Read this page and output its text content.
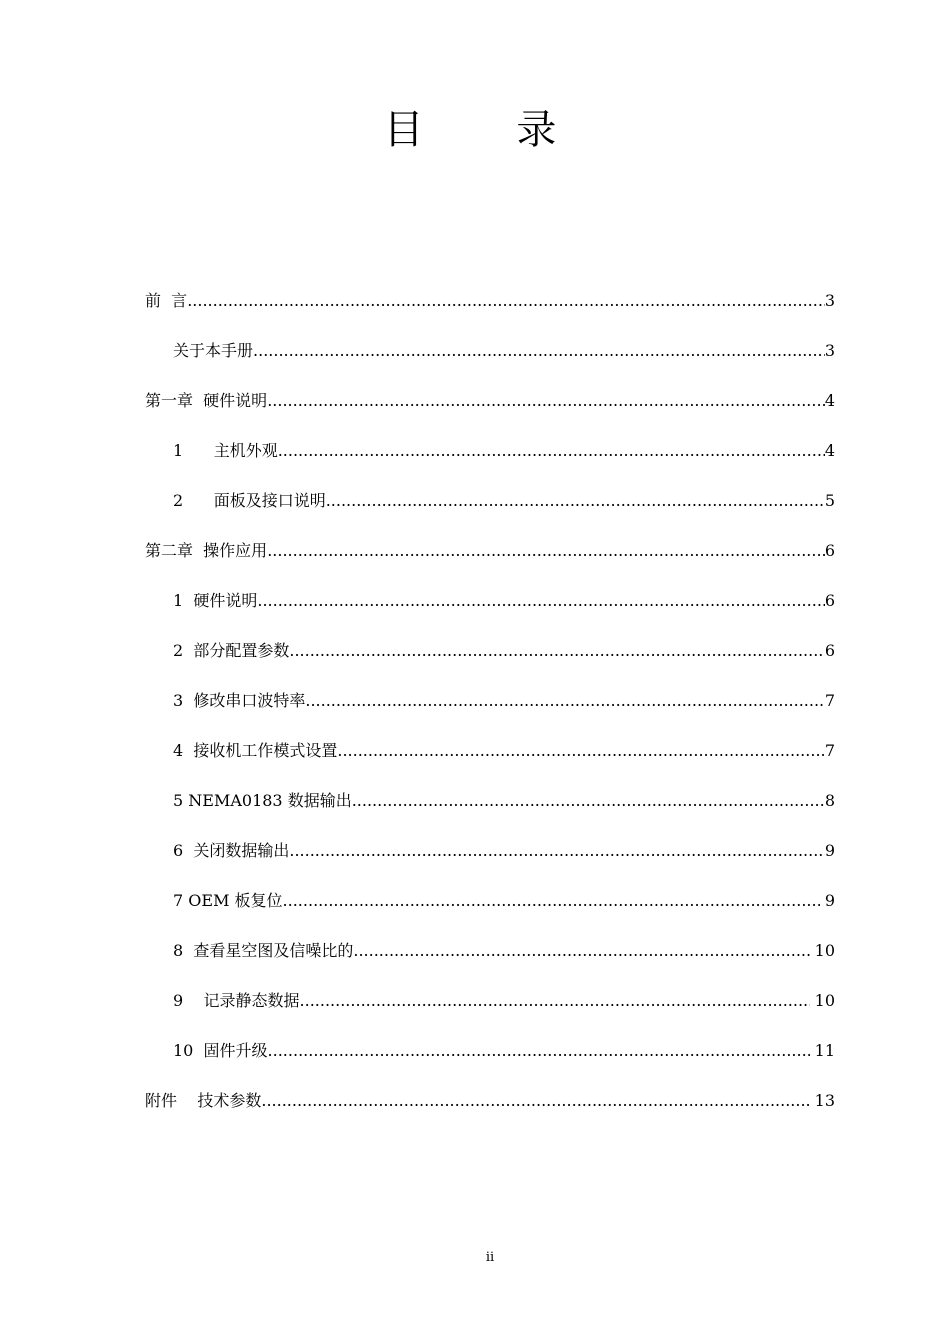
目 录
前  言 .....	3
关于本手册 .....	3
第一章  硬件说明 .....	4
1      主机外观 .....	4
2      面板及接口说明 .....	5
第二章  操作应用 .....	6
1  硬件说明 .....	6
2  部分配置参数 .....	6
3  修改串口波特率 .....	7
4  接收机工作模式设置 .....	7
5 NEMA0183 数据输出 .....	8
6  关闭数据输出 .....	9
7 OEM 板复位 .....	9
8  查看星空图及信噪比的 .....	10
9    记录静态数据 .....	10
10  固件升级 .....	11
附件    技术参数 .....	13
ii
